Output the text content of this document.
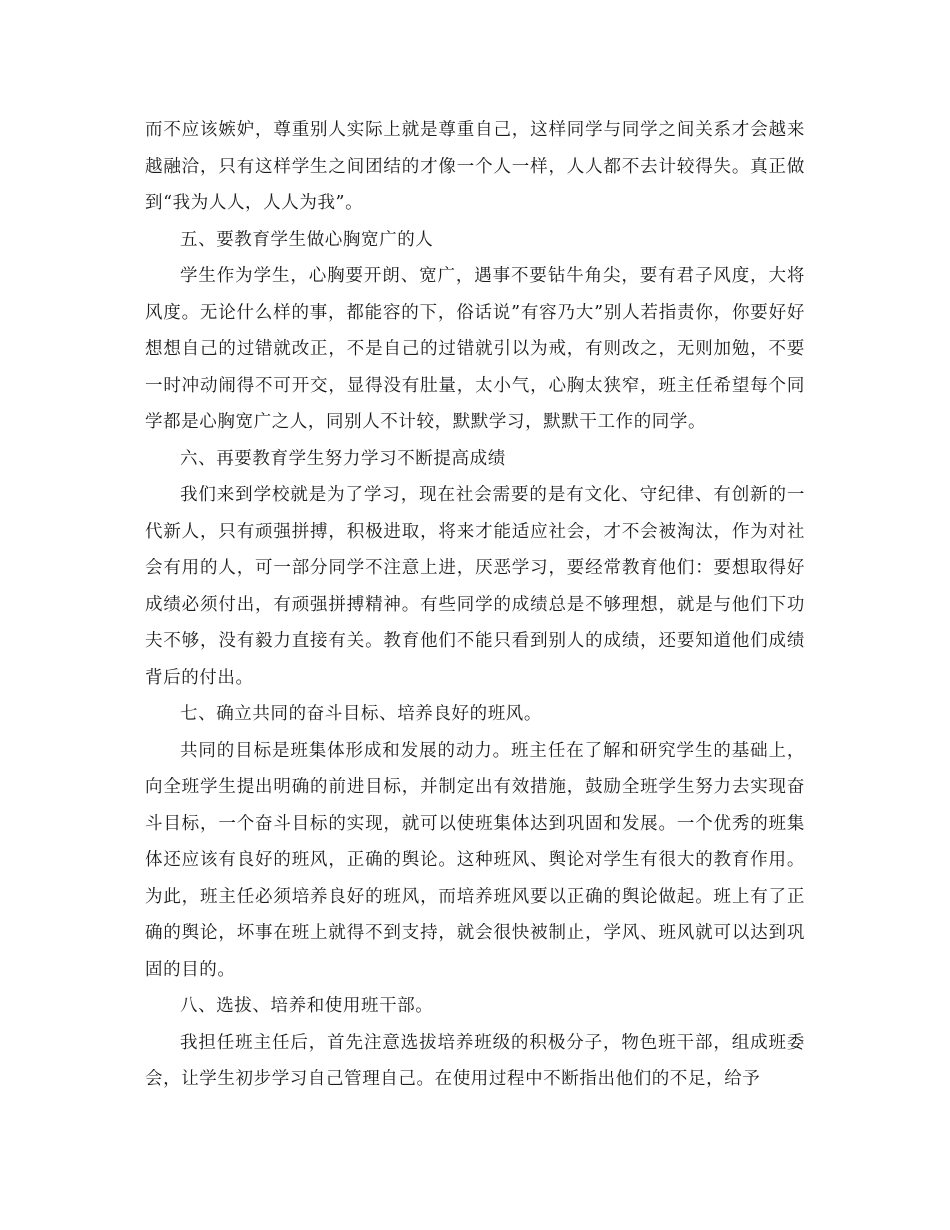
而不应该嫉妒，尊重别人实际上就是尊重自己，这样同学与同学之间关系才会越来越融洽，只有这样学生之间团结的才像一个人一样，人人都不去计较得失。真正做到“我为人人，人人为我”。

五、要教育学生做心胸宽广的人

学生作为学生，心胸要开朗、宽广，遇事不要钻牛角尖，要有君子风度，大将风度。无论什么样的事，都能容的下，俗话说”有容乃大”别人若指责你，你要好好想想自己的过错就改正，不是自己的过错就引以为戒，有则改之，无则加勉，不要一时冲动闹得不可开交，显得没有肚量，太小气，心胸太狭窄，班主任希望每个同学都是心胸宽广之人，同别人不计较，默默学习，默默干工作的同学。

六、再要教育学生努力学习不断提高成绩

我们来到学校就是为了学习，现在社会需要的是有文化、守纪律、有创新的一代新人，只有顽强拼搏，积极进取，将来才能适应社会，才不会被淘汰，作为对社会有用的人，可一部分同学不注意上进，厌恶学习，要经常教育他们：要想取得好成绩必须付出，有顽强拼搏精神。有些同学的成绩总是不够理想，就是与他们下功夫不够，没有毅力直接有关。教育他们不能只看到别人的成绩，还要知道他们成绩背后的付出。

七、确立共同的奋斗目标、培养良好的班风。

共同的目标是班集体形成和发展的动力。班主任在了解和研究学生的基础上，向全班学生提出明确的前进目标，并制定出有效措施，鼓励全班学生努力去实现奋斗目标，一个奋斗目标的实现，就可以使班集体达到巩固和发展。一个优秀的班集体还应该有良好的班风，正确的舆论。这种班风、舆论对学生有很大的教育作用。为此，班主任必须培养良好的班风，而培养班风要以正确的舆论做起。班上有了正确的舆论，坏事在班上就得不到支持，就会很快被制止，学风、班风就可以达到巩固的目的。

八、选拔、培养和使用班干部。

我担任班主任后，首先注意选拔培养班级的积极分子，物色班干部，组成班委会，让学生初步学习自己管理自己。在使用过程中不断指出他们的不足，给予
